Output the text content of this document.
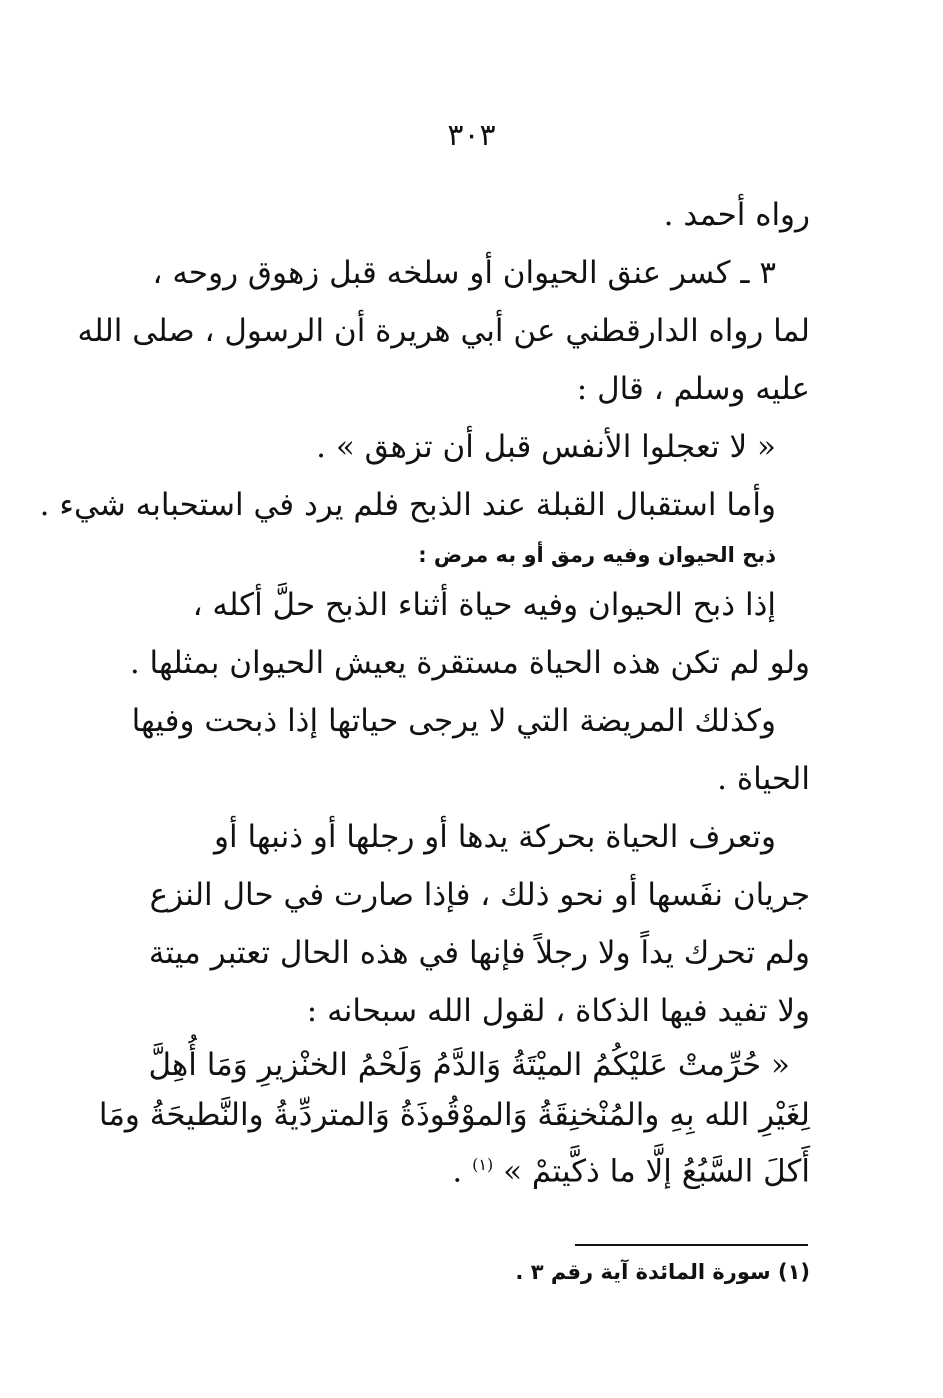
٣٠٣
رواه أحمد .
٣ ـ كسر عنق الحيوان أو سلخه قبل زهوق روحه ،
لما رواه الدارقطني عن أبي هريرة أن الرسول ، صلى الله
عليه وسلم ، قال :
« لا تعجلوا الأنفس قبل أن تزهق » .
وأما استقبال القبلة عند الذبح فلم يرد في استحبابه شيء .
ذبح الحيوان وفيه رمق أو به مرض :
إذا ذبح الحيوان وفيه حياة أثناء الذبح حلَّ أكله ،
ولو لم تكن هذه الحياة مستقرة يعيش الحيوان بمثلها .
وكذلك المريضة التي لا يرجى حياتها إذا ذبحت وفيها
الحياة .
وتعرف الحياة بحركة يدها أو رجلها أو ذنبها أو
جريان نفَسها أو نحو ذلك ، فإذا صارت في حال النزع
ولم تحرك يداً ولا رجلاً فإنها في هذه الحال تعتبر ميتة
ولا تفيد فيها الذكاة ، لقول الله سبحانه :
« حُرِّمتْ عَليْكُمُ الميْتَةُ وَالدَّمُ وَلَحْمُ الخنْزيرِ وَمَا أُهِلَّ
لِغَيْرِ الله بِهِ والمُنْخنِقَةُ وَالموْقُوذَةُ وَالمتردِّيةُ والنَّطيحَةُ ومَا
أَكلَ السَّبُعُ إلَّا ما ذكَّيتمْ » $^{(١)}$ .
(١) سورة المائدة آية رقم ٣ .
